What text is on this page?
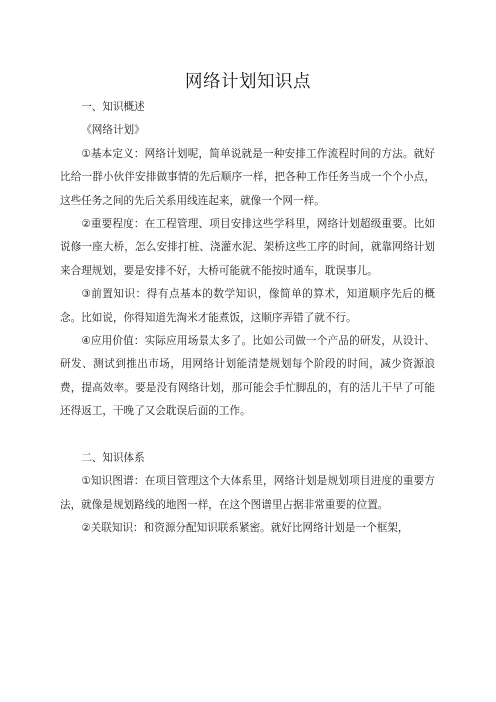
网络计划知识点

一、知识概述

《网络计划》

①基本定义：网络计划呢，简单说就是一种安排工作流程时间的方法。就好比给一群小伙伴安排做事情的先后顺序一样，把各种工作任务当成一个个小点，这些任务之间的先后关系用线连起来，就像一个网一样。

②重要程度：在工程管理、项目安排这些学科里，网络计划超级重要。比如说修一座大桥，怎么安排打桩、浇灌水泥、架桥这些工序的时间，就靠网络计划来合理规划，要是安排不好，大桥可能就不能按时通车，耽误事儿。

③前置知识：得有点基本的数学知识，像简单的算术，知道顺序先后的概念。比如说，你得知道先淘米才能煮饭，这顺序弄错了就不行。

④应用价值：实际应用场景太多了。比如公司做一个产品的研发，从设计、研发、测试到推出市场，用网络计划能清楚规划每个阶段的时间，减少资源浪费，提高效率。要是没有网络计划，那可能会手忙脚乱的，有的活儿干早了可能还得返工，干晚了又会耽误后面的工作。

二、知识体系

①知识图谱：在项目管理这个大体系里，网络计划是规划项目进度的重要方法，就像是规划路线的地图一样，在这个图谱里占据非常重要的位置。

②关联知识：和资源分配知识联系紧密。就好比网络计划是一个框架，
